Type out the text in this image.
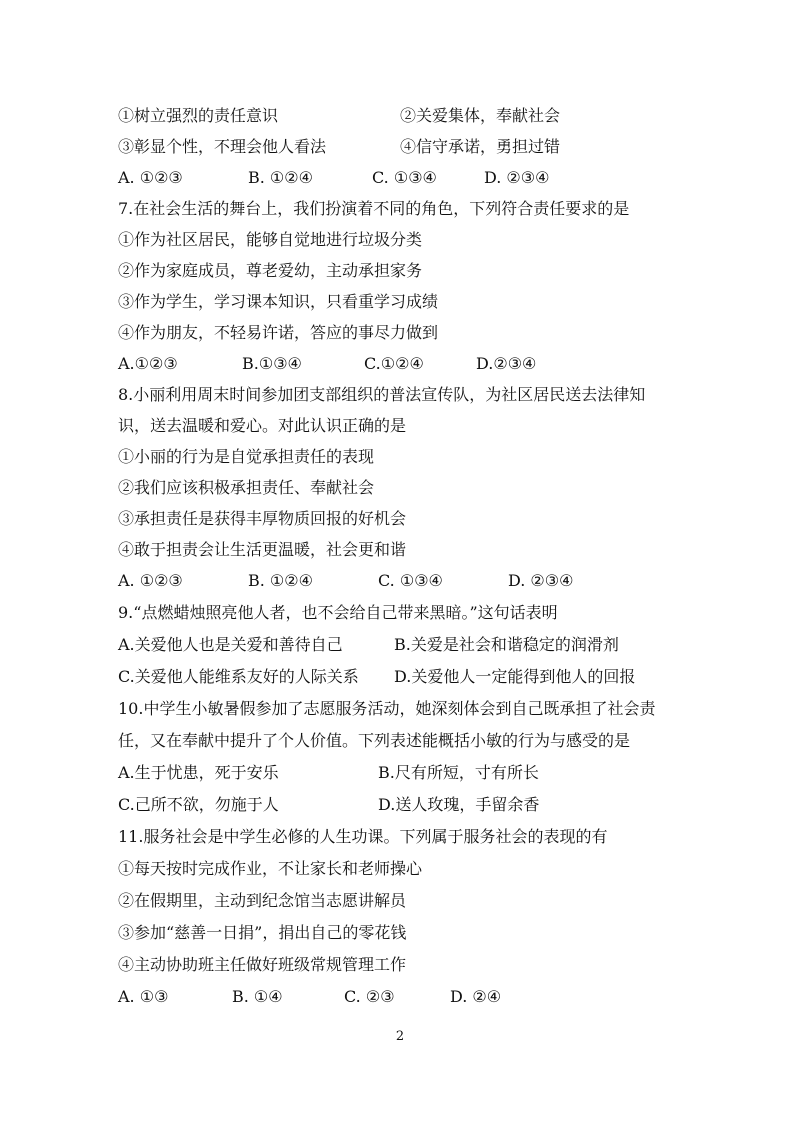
①树立强烈的责任意识	②关爱集体，奉献社会
③彰显个性，不理会他人看法	④信守承诺，勇担过错
A. ①②③	B. ①②④	C. ①③④	D. ②③④
7.在社会生活的舞台上，我们扮演着不同的角色，下列符合责任要求的是
①作为社区居民，能够自觉地进行垃圾分类
②作为家庭成员，尊老爱幼，主动承担家务
③作为学生，学习课本知识，只看重学习成绩
④作为朋友，不轻易许诺，答应的事尽力做到
A.①②③	B.①③④	C.①②④	D.②③④
8.小丽利用周末时间参加团支部组织的普法宣传队，为社区居民送去法律知
识，送去温暖和爱心。对此认识正确的是
①小丽的行为是自觉承担责任的表现
②我们应该积极承担责任、奉献社会
③承担责任是获得丰厚物质回报的好机会
④敢于担责会让生活更温暖，社会更和谐
A. ①②③	B. ①②④	C. ①③④	D. ②③④
9.“点燃蜡烛照亮他人者，也不会给自己带来黑暗。”这句话表明
A.关爱他人也是关爱和善待自己	B.关爱是社会和谐稳定的润滑剂
C.关爱他人能维系友好的人际关系 D.关爱他人一定能得到他人的回报
10.中学生小敏暑假参加了志愿服务活动，她深刻体会到自己既承担了社会责
任，又在奉献中提升了个人价值。下列表述能概括小敏的行为与感受的是
A.生于忧患，死于安乐	B.尺有所短，寸有所长
C.己所不欲，勿施于人	D.送人玫瑰，手留余香
11.服务社会是中学生必修的人生功课。下列属于服务社会的表现的有
①每天按时完成作业，不让家长和老师操心
②在假期里，主动到纪念馆当志愿讲解员
③参加“慈善一日捐”，捐出自己的零花钱
④主动协助班主任做好班级常规管理工作
A. ①③	B. ①④	C. ②③	D. ②④
2
